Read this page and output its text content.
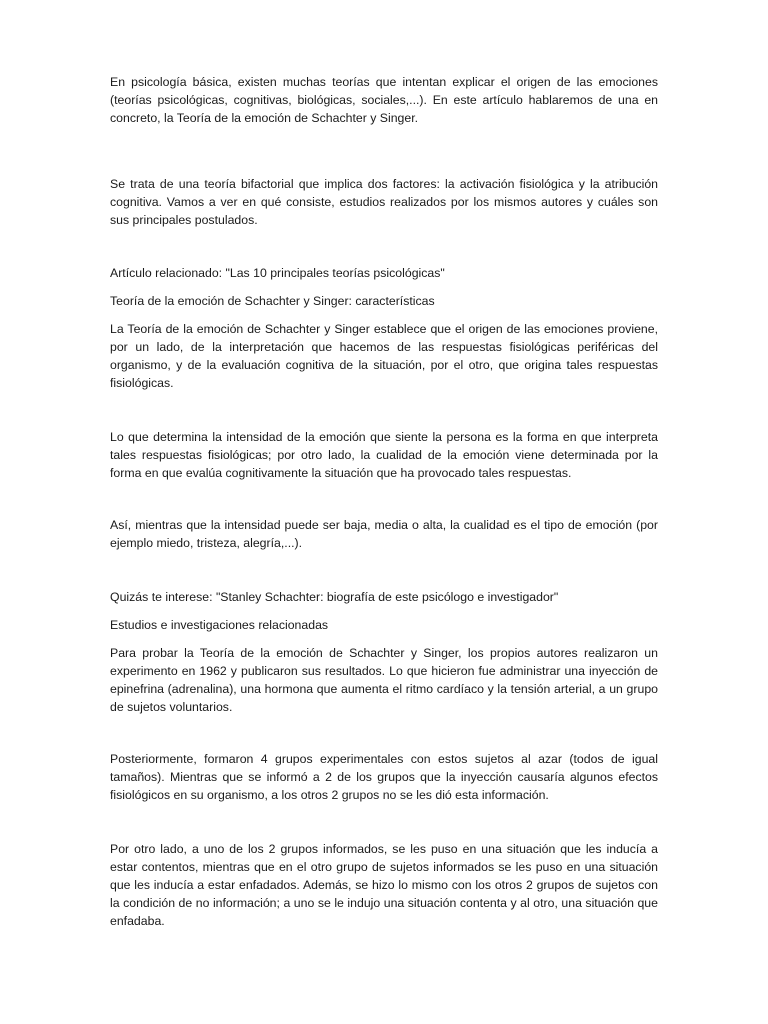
En psicología básica, existen muchas teorías que intentan explicar el origen de las emociones (teorías psicológicas, cognitivas, biológicas, sociales,...). En este artículo hablaremos de una en concreto, la Teoría de la emoción de Schachter y Singer.

Se trata de una teoría bifactorial que implica dos factores: la activación fisiológica y la atribución cognitiva. Vamos a ver en qué consiste, estudios realizados por los mismos autores y cuáles son sus principales postulados.

Artículo relacionado: "Las 10 principales teorías psicológicas"

Teoría de la emoción de Schachter y Singer: características

La Teoría de la emoción de Schachter y Singer establece que el origen de las emociones proviene, por un lado, de la interpretación que hacemos de las respuestas fisiológicas periféricas del organismo, y de la evaluación cognitiva de la situación, por el otro, que origina tales respuestas fisiológicas.

Lo que determina la intensidad de la emoción que siente la persona es la forma en que interpreta tales respuestas fisiológicas; por otro lado, la cualidad de la emoción viene determinada por la forma en que evalúa cognitivamente la situación que ha provocado tales respuestas.

Así, mientras que la intensidad puede ser baja, media o alta, la cualidad es el tipo de emoción (por ejemplo miedo, tristeza, alegría,...).

Quizás te interese: "Stanley Schachter: biografía de este psicólogo e investigador"

Estudios e investigaciones relacionadas

Para probar la Teoría de la emoción de Schachter y Singer, los propios autores realizaron un experimento en 1962 y publicaron sus resultados. Lo que hicieron fue administrar una inyección de epinefrina (adrenalina), una hormona que aumenta el ritmo cardíaco y la tensión arterial, a un grupo de sujetos voluntarios.

Posteriormente, formaron 4 grupos experimentales con estos sujetos al azar (todos de igual tamaños). Mientras que se informó a 2 de los grupos que la inyección causaría algunos efectos fisiológicos en su organismo, a los otros 2 grupos no se les dió esta información.

Por otro lado, a uno de los 2 grupos informados, se les puso en una situación que les inducía a estar contentos, mientras que en el otro grupo de sujetos informados se les puso en una situación que les inducía a estar enfadados. Además, se hizo lo mismo con los otros 2 grupos de sujetos con la condición de no información; a uno se le indujo una situación contenta y al otro, una situación que enfadaba.
